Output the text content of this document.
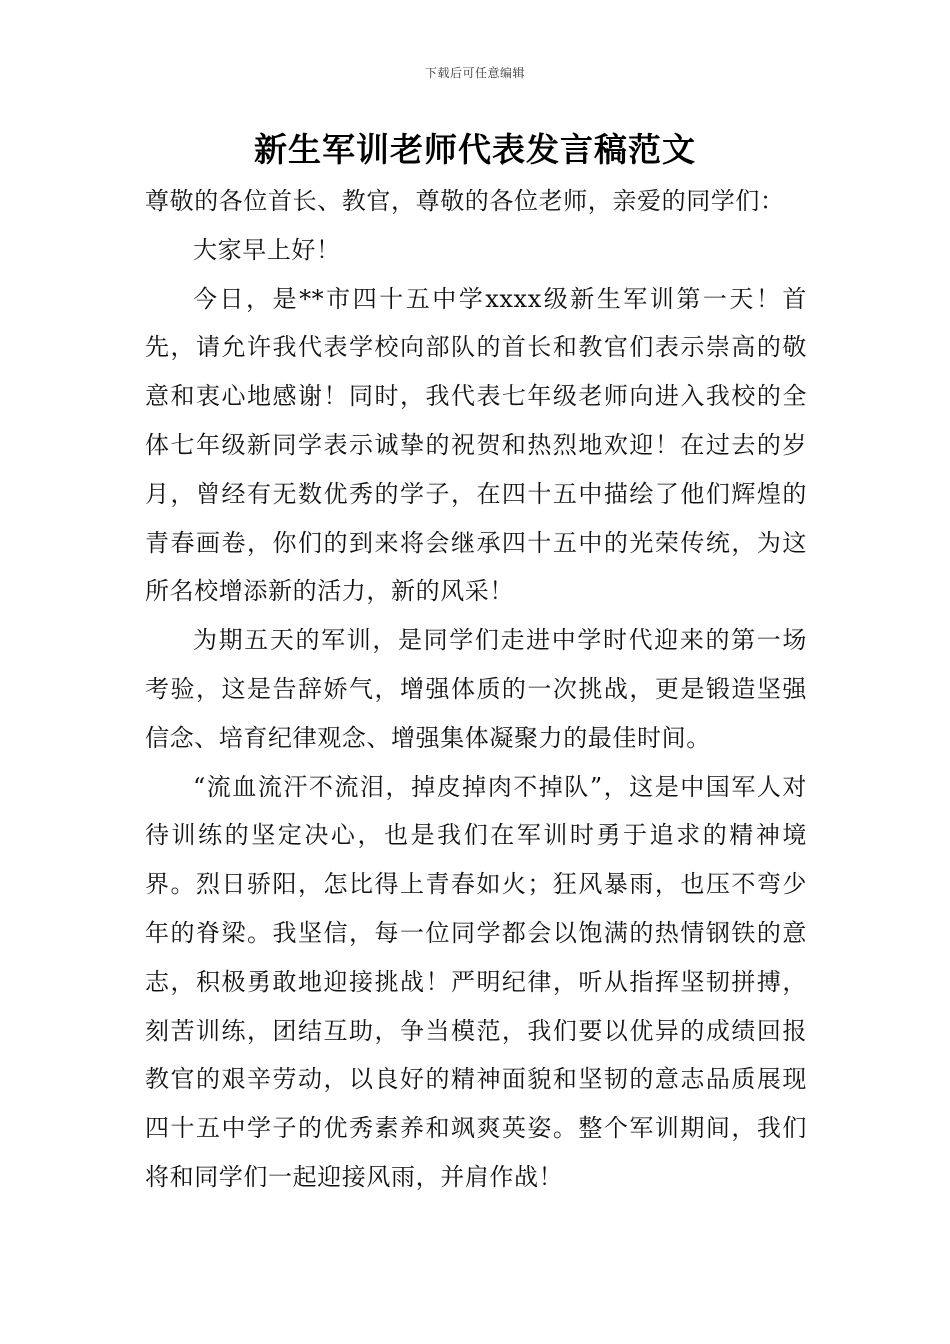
下载后可任意编辑
新生军训老师代表发言稿范文

尊敬的各位首长、教官，尊敬的各位老师，亲爱的同学们：

大家早上好！

今日，是**市四十五中学xxxx级新生军训第一天！首先，请允许我代表学校向部队的首长和教官们表示崇高的敬意和衷心地感谢！同时，我代表七年级老师向进入我校的全体七年级新同学表示诚挚的祝贺和热烈地欢迎！在过去的岁月，曾经有无数优秀的学子，在四十五中描绘了他们辉煌的青春画卷，你们的到来将会继承四十五中的光荣传统，为这所名校增添新的活力，新的风采！

为期五天的军训，是同学们走进中学时代迎来的第一场考验，这是告辞娇气，增强体质的一次挑战，更是锻造坚强信念、培育纪律观念、增强集体凝聚力的最佳时间。

“流血流汗不流泪，掉皮掉肉不掉队”，这是中国军人对待训练的坚定决心，也是我们在军训时勇于追求的精神境界。烈日骄阳，怎比得上青春如火；狂风暴雨，也压不弯少年的脊梁。我坚信，每一位同学都会以饱满的热情钢铁的意志，积极勇敢地迎接挑战！严明纪律，听从指挥坚韧拼搏，刻苦训练，团结互助，争当模范，我们要以优异的成绩回报教官的艰辛劳动，以良好的精神面貌和坚韧的意志品质展现四十五中学子的优秀素养和飒爽英姿。整个军训期间，我们将和同学们一起迎接风雨，并肩作战！
